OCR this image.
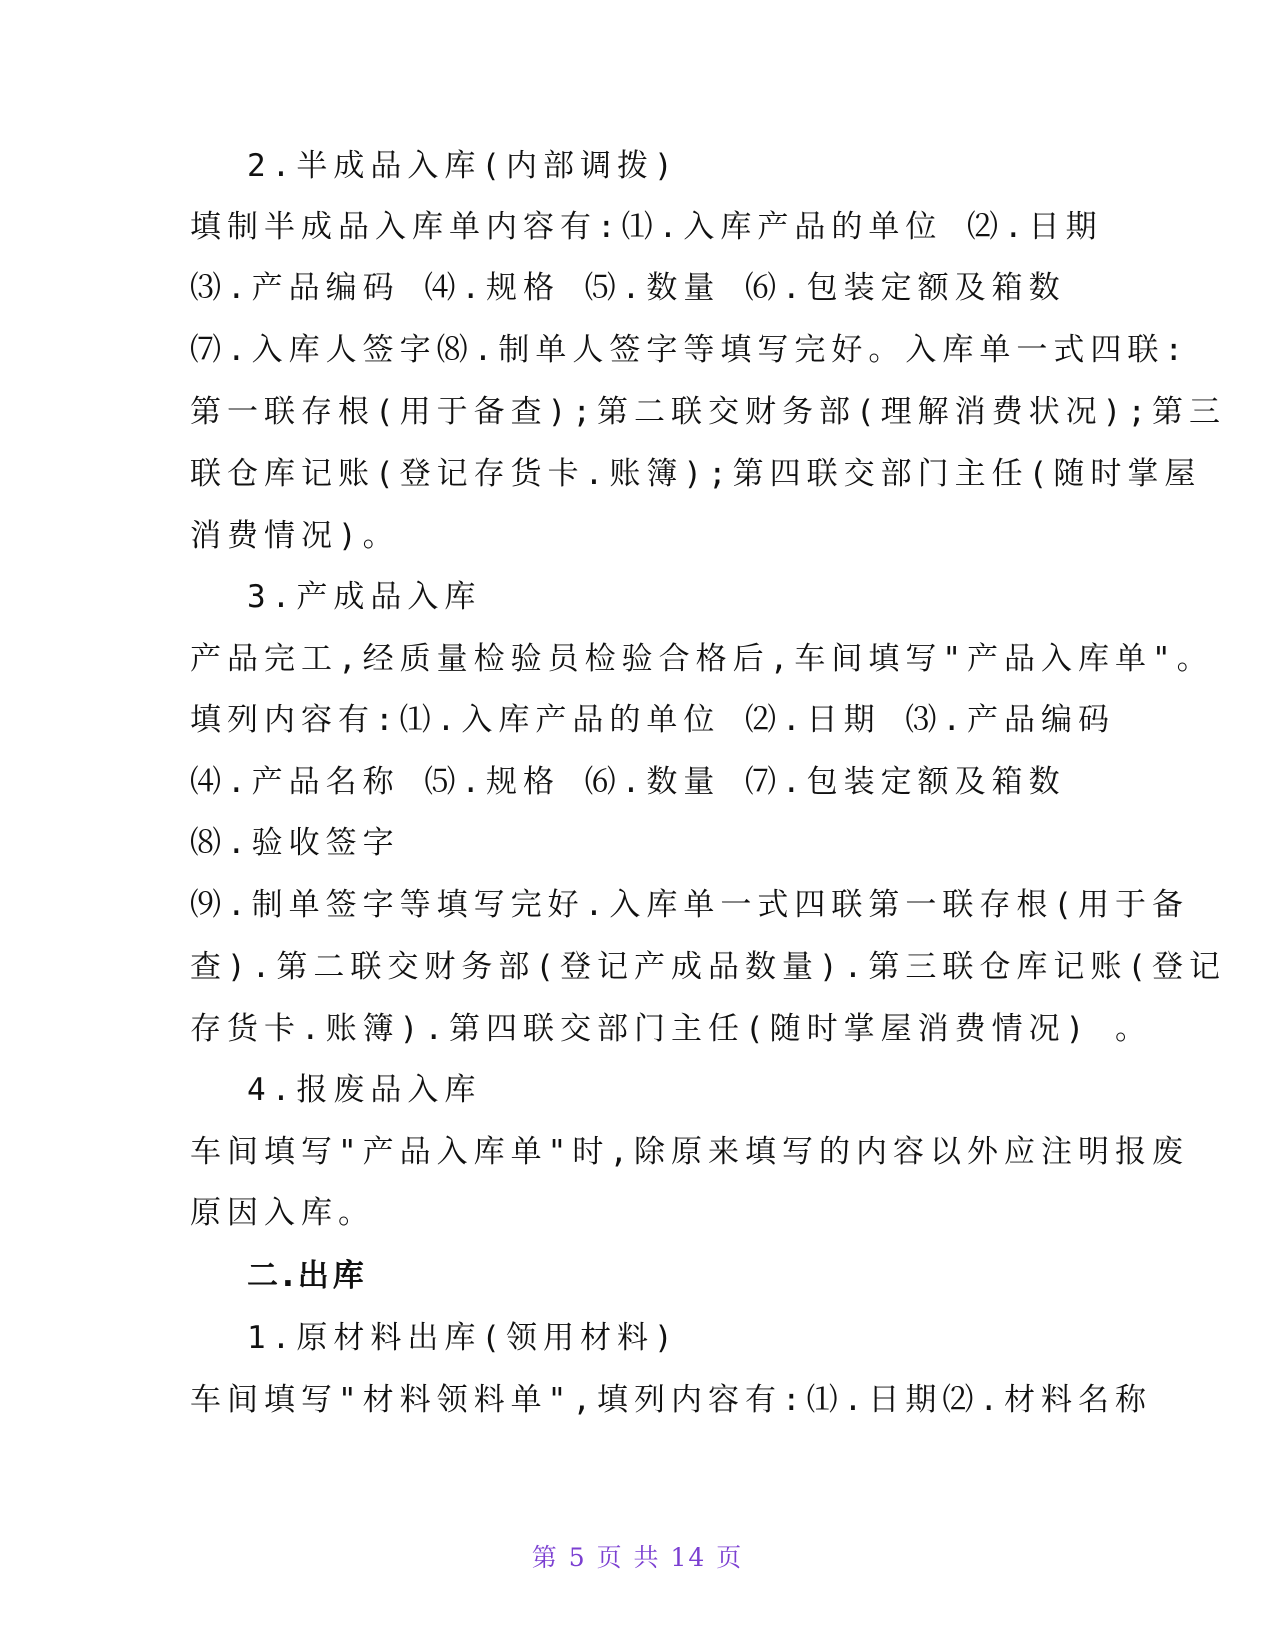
2.半成品入库(内部调拨)
填制半成品入库单内容有:⑴.入库产品的单位 ⑵.日期
⑶.产品编码 ⑷.规格 ⑸.数量 ⑹.包装定额及箱数
⑺.入库人签字⑻.制单人签字等填写完好。入库单一式四联:
第一联存根(用于备查);第二联交财务部(理解消费状况);第三
联仓库记账(登记存货卡.账簿);第四联交部门主任(随时掌屋
消费情况)。
3.产成品入库
产品完工,经质量检验员检验合格后,车间填写"产品入库单"。
填列内容有:⑴.入库产品的单位 ⑵.日期 ⑶.产品编码
⑷.产品名称 ⑸.规格 ⑹.数量 ⑺.包装定额及箱数
⑻.验收签字
⑼.制单签字等填写完好.入库单一式四联第一联存根(用于备
查).第二联交财务部(登记产成品数量).第三联仓库记账(登记
存货卡.账簿).第四联交部门主任(随时掌屋消费情况) 。
4.报废品入库
车间填写"产品入库单"时,除原来填写的内容以外应注明报废
原因入库。
二.出库
1.原材料出库(领用材料)
车间填写"材料领料单",填列内容有:⑴.日期⑵.材料名称
第 5 页 共 14 页
